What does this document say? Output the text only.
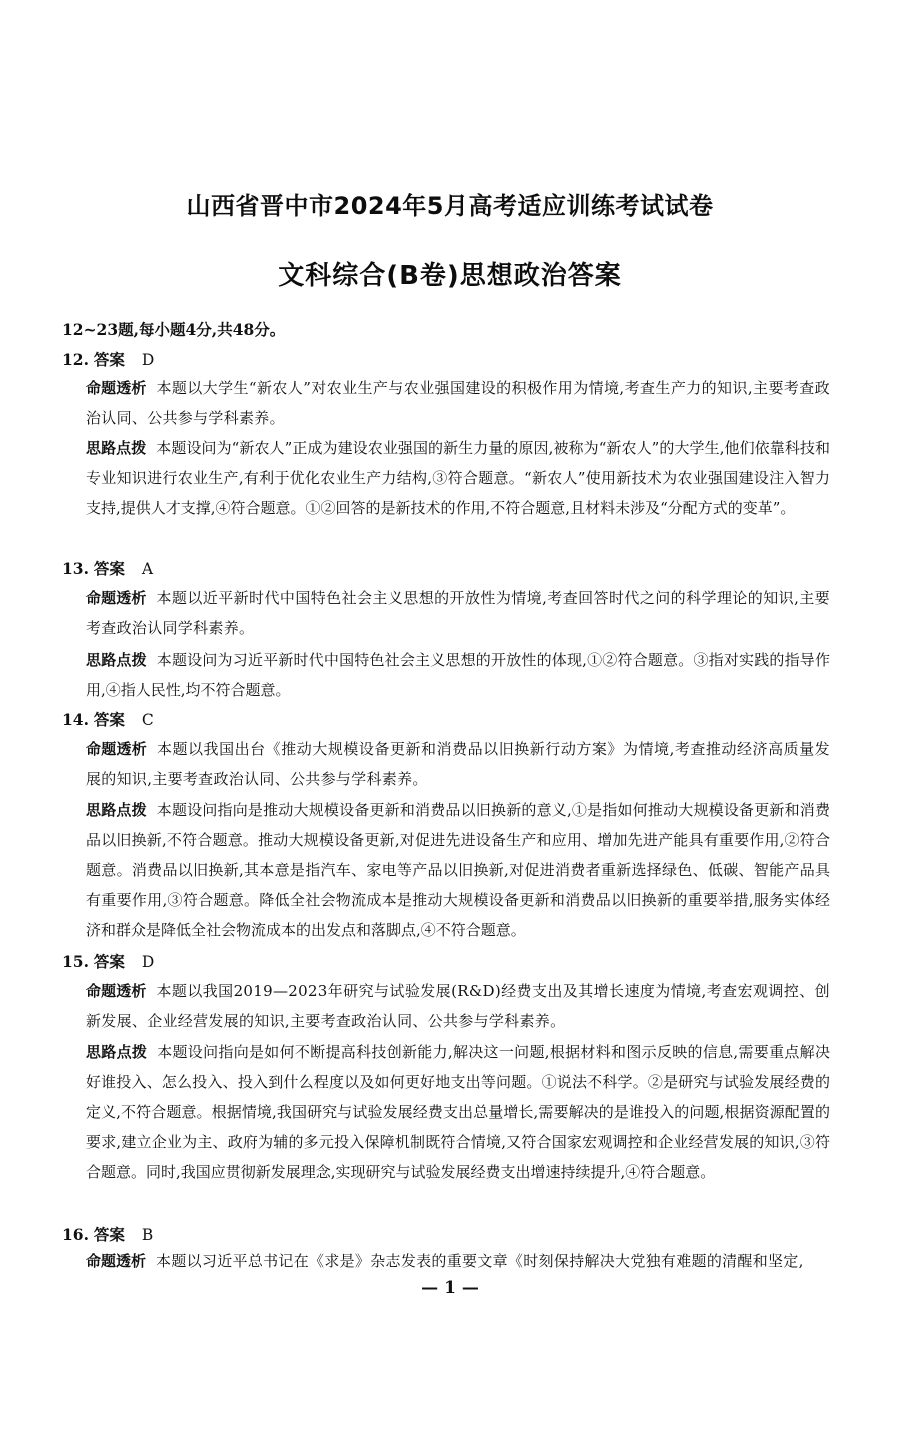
山西省晋中市2024年5月高考适应训练考试试卷
文科综合(B卷)思想政治答案
12~23题,每小题4分,共48分。
12. 答案 D
命题透析 本题以大学生“新农人”对农业生产与农业强国建设的积极作用为情境,考查生产力的知识,主要考查政治认同、公共参与学科素养。
思路点拨 本题设问为“新农人”正成为建设农业强国的新生力量的原因,被称为“新农人”的大学生,他们依靠科技和专业知识进行农业生产,有利于优化农业生产力结构,③符合题意。“新农人”使用新技术为农业强国建设注入智力支持,提供人才支撑,④符合题意。①②回答的是新技术的作用,不符合题意,且材料未涉及“分配方式的变革”。
13. 答案 A
命题透析 本题以近平新时代中国特色社会主义思想的开放性为情境,考查回答时代之问的科学理论的知识,主要考查政治认同学科素养。
思路点拨 本题设问为习近平新时代中国特色社会主义思想的开放性的体现,①②符合题意。③指对实践的指导作用,④指人民性,均不符合题意。
14. 答案 C
命题透析 本题以我国出台《推动大规模设备更新和消费品以旧换新行动方案》为情境,考查推动经济高质量发展的知识,主要考查政治认同、公共参与学科素养。
思路点拨 本题设问指向是推动大规模设备更新和消费品以旧换新的意义,①是指如何推动大规模设备更新和消费品以旧换新,不符合题意。推动大规模设备更新,对促进先进设备生产和应用、增加先进产能具有重要作用,②符合题意。消费品以旧换新,其本意是指汽车、家电等产品以旧换新,对促进消费者重新选择绿色、低碳、智能产品具有重要作用,③符合题意。降低全社会物流成本是推动大规模设备更新和消费品以旧换新的重要举措,服务实体经济和群众是降低全社会物流成本的出发点和落脚点,④不符合题意。
15. 答案 D
命题透析 本题以我国2019—2023年研究与试验发展(R&D)经费支出及其增长速度为情境,考查宏观调控、创新发展、企业经营发展的知识,主要考查政治认同、公共参与学科素养。
思路点拨 本题设问指向是如何不断提高科技创新能力,解决这一问题,根据材料和图示反映的信息,需要重点解决好谁投入、怎么投入、投入到什么程度以及如何更好地支出等问题。①说法不科学。②是研究与试验发展经费的定义,不符合题意。根据情境,我国研究与试验发展经费支出总量增长,需要解决的是谁投入的问题,根据资源配置的要求,建立企业为主、政府为辅的多元投入保障机制既符合情境,又符合国家宏观调控和企业经营发展的知识,③符合题意。同时,我国应贯彻新发展理念,实现研究与试验发展经费支出增速持续提升,④符合题意。
16. 答案 B
命题透析 本题以习近平总书记在《求是》杂志发表的重要文章《时刻保持解决大党独有难题的清醒和坚定,
— 1 —
